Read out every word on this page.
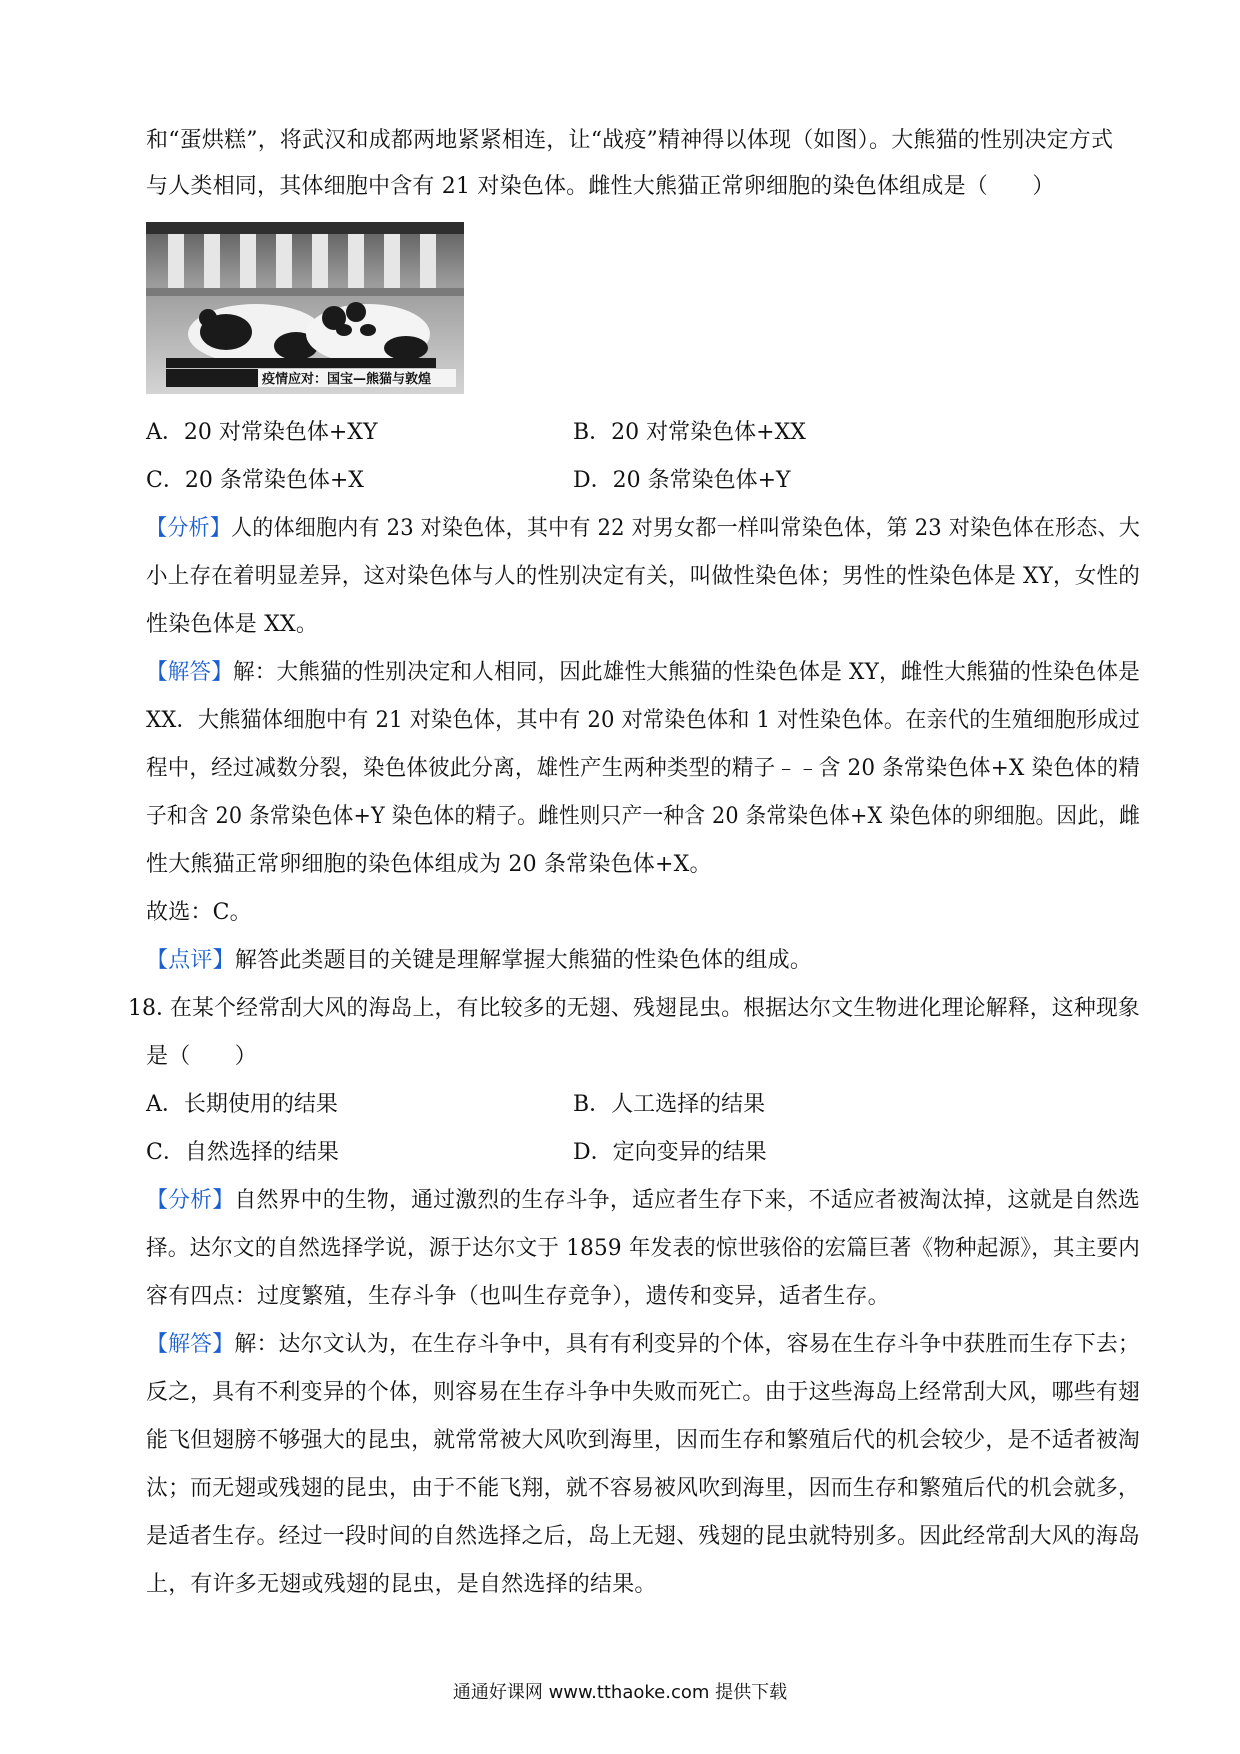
和“蛋烘糕”，将武汉和成都两地紧紧相连，让“战疫”精神得以体现（如图）。大熊猫的性别决定方式
与人类相同，其体细胞中含有 21 对染色体。雌性大熊猫正常卵细胞的染色体组成是（　　）
疫情应对：国宝—熊猫与敦煌
A．20 对常染色体+XY	B．20 对常染色体+XX
C．20 条常染色体+X	D．20 条常染色体+Y
【分析】人的体细胞内有 23 对染色体，其中有 22 对男女都一样叫常染色体，第 23 对染色体在形态、大
小上存在着明显差异，这对染色体与人的性别决定有关，叫做性染色体；男性的性染色体是 XY，女性的
性染色体是 XX。
【解答】解：大熊猫的性别决定和人相同，因此雄性大熊猫的性染色体是 XY，雌性大熊猫的性染色体是
XX．大熊猫体细胞中有 21 对染色体，其中有 20 对常染色体和 1 对性染色体。在亲代的生殖细胞形成过
程中，经过减数分裂，染色体彼此分离，雄性产生两种类型的精子﹣﹣含 20 条常染色体+X 染色体的精
子和含 20 条常染色体+Y 染色体的精子。雌性则只产一种含 20 条常染色体+X 染色体的卵细胞。因此，雌
性大熊猫正常卵细胞的染色体组成为 20 条常染色体+X。
故选：C。
【点评】解答此类题目的关键是理解掌握大熊猫的性染色体的组成。
18．
在某个经常刮大风的海岛上，有比较多的无翅、残翅昆虫。根据达尔文生物进化理论解释，这种现象
是（　　）
A．长期使用的结果	B．人工选择的结果
C．自然选择的结果	D．定向变异的结果
【分析】自然界中的生物，通过激烈的生存斗争，适应者生存下来，不适应者被淘汰掉，这就是自然选
择。达尔文的自然选择学说，源于达尔文于 1859 年发表的惊世骇俗的宏篇巨著《物种起源》，其主要内
容有四点：过度繁殖，生存斗争（也叫生存竞争），遗传和变异，适者生存。
【解答】解：达尔文认为，在生存斗争中，具有有利变异的个体，容易在生存斗争中获胜而生存下去；
反之，具有不利变异的个体，则容易在生存斗争中失败而死亡。由于这些海岛上经常刮大风，哪些有翅
能飞但翅膀不够强大的昆虫，就常常被大风吹到海里，因而生存和繁殖后代的机会较少，是不适者被淘
汰；而无翅或残翅的昆虫，由于不能飞翔，就不容易被风吹到海里，因而生存和繁殖后代的机会就多，
是适者生存。经过一段时间的自然选择之后，岛上无翅、残翅的昆虫就特别多。因此经常刮大风的海岛
上，有许多无翅或残翅的昆虫，是自然选择的结果。
通通好课网 www.tthaoke.com 提供下载
